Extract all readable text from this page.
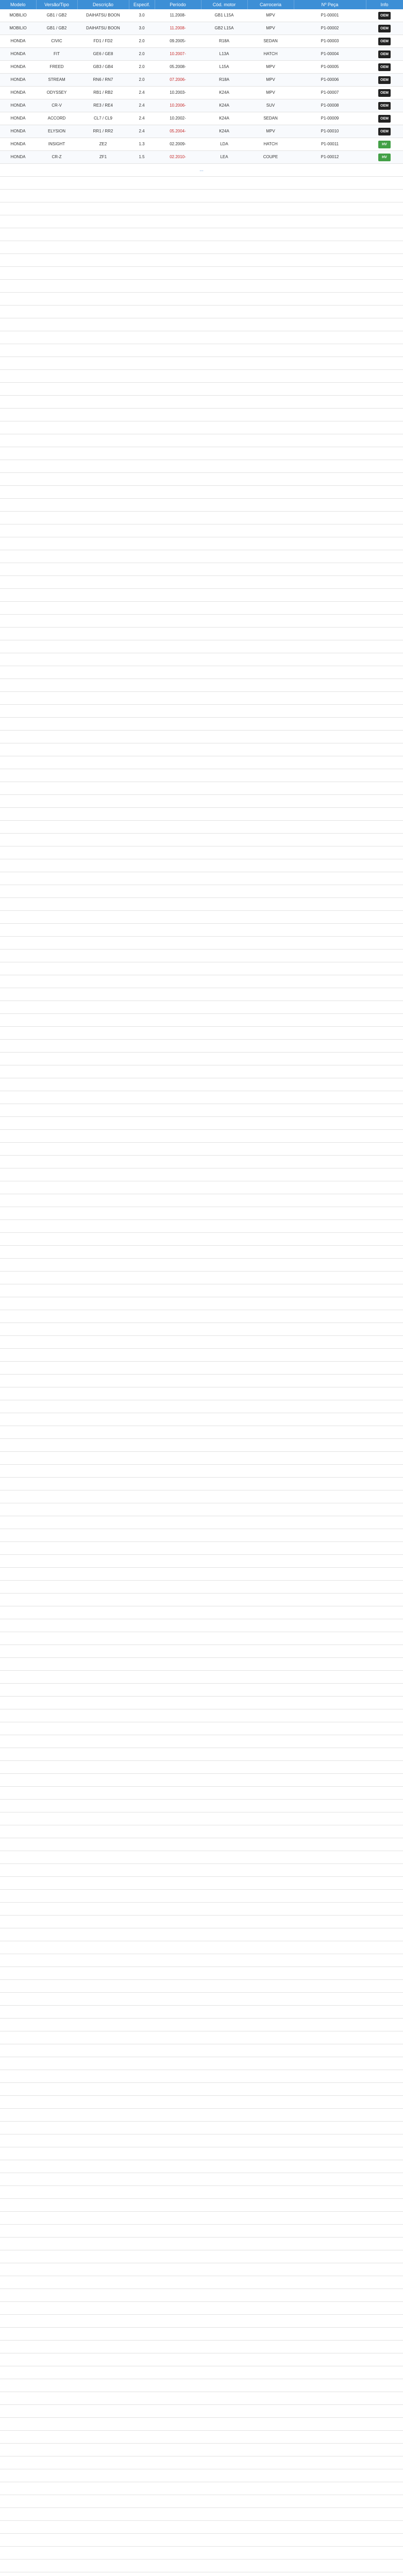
Modelo	Versão/Tipo	Descrição	Especif.	Período	Cód. motor	Carroceria	Nº Peça	Info
MOBILIO	GB1 / GB2	DAIHATSU BOON	3.0	11.2008-	GB1 L15A	MPV	P1-00001	OEM
MOBILIO	GB1 / GB2	DAIHATSU BOON	3.0	11.2008-	GB2 L15A	MPV	P1-00002	OEM
HONDA	CIVIC	FD1 / FD2	2.0	09.2005-	R18A	SEDAN	P1-00003	OEM
HONDA	FIT	GE6 / GE8	2.0	10.2007-	L13A	HATCH	P1-00004	OEM
HONDA	FREED	GB3 / GB4	2.0	05.2008-	L15A	MPV	P1-00005	OEM
HONDA	STREAM	RN6 / RN7	2.0	07.2006-	R18A	MPV	P1-00006	OEM
HONDA	ODYSSEY	RB1 / RB2	2.4	10.2003-	K24A	MPV	P1-00007	OEM
HONDA	CR-V	RE3 / RE4	2.4	10.2006-	K24A	SUV	P1-00008	OEM
HONDA	ACCORD	CL7 / CL9	2.4	10.2002-	K24A	SEDAN	P1-00009	OEM
HONDA	ELYSION	RR1 / RR2	2.4	05.2004-	K24A	MPV	P1-00010	OEM
HONDA	INSIGHT	ZE2	1.3	02.2009-	LDA	HATCH	P1-00011	HV
HONDA	CR-Z	ZF1	1.5	02.2010-	LEA	COUPE	P1-00012	HV
…								
